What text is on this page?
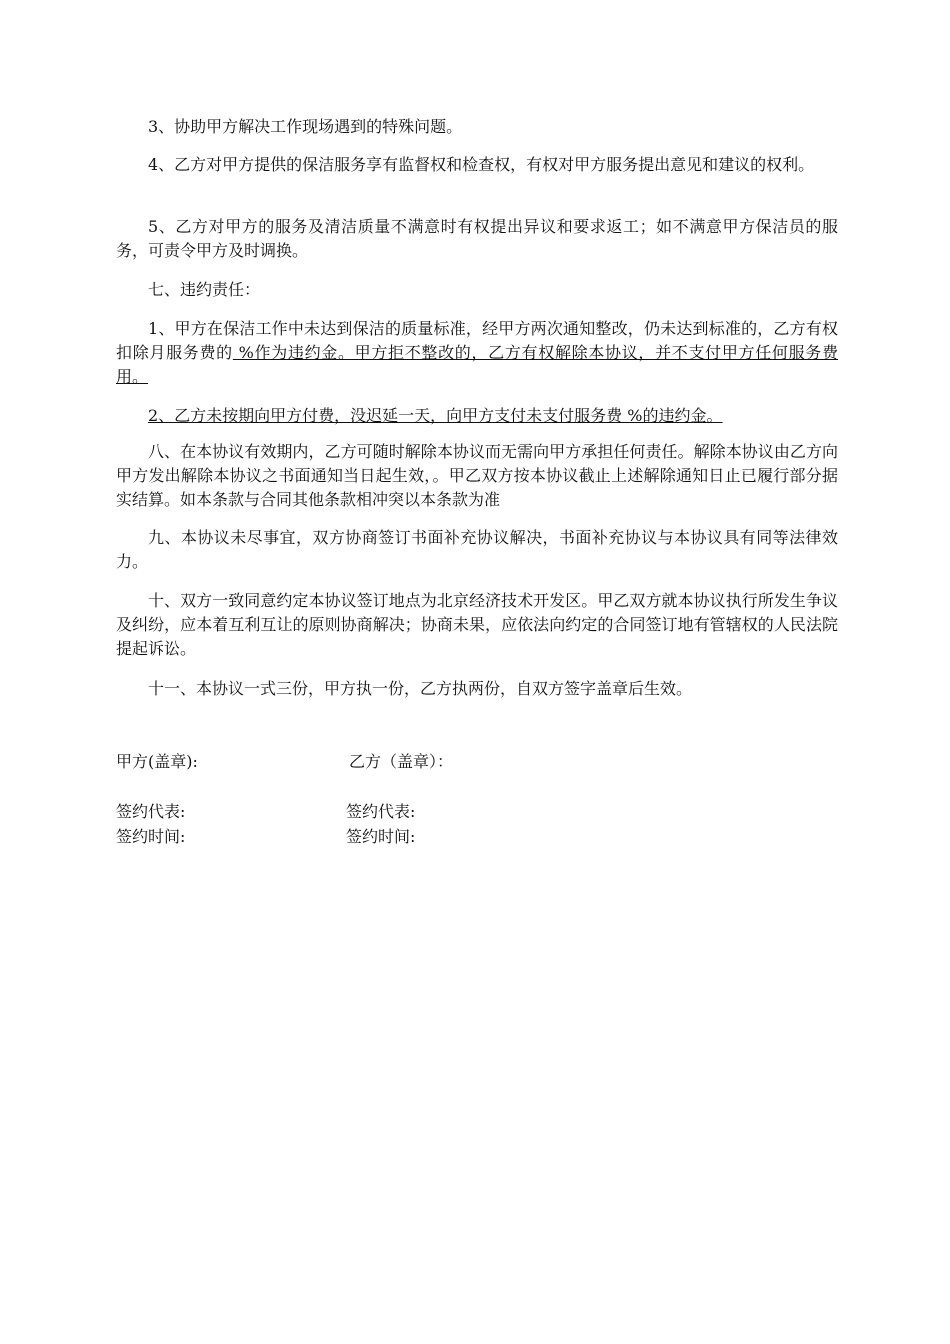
3、协助甲方解决工作现场遇到的特殊问题。

4、乙方对甲方提供的保洁服务享有监督权和检查权，有权对甲方服务提出意见和建议的权利。

5、乙方对甲方的服务及清洁质量不满意时有权提出异议和要求返工；如不满意甲方保洁员的服务，可责令甲方及时调换。

七、违约责任：

1、甲方在保洁工作中未达到保洁的质量标准，经甲方两次通知整改，仍未达到标准的，乙方有权扣除月服务费的 %作为违约金。甲方拒不整改的，乙方有权解除本协议，并不支付甲方任何服务费用。

2、乙方未按期向甲方付费，没迟延一天，向甲方支付未支付服务费 %的违约金。

八、在本协议有效期内，乙方可随时解除本协议而无需向甲方承担任何责任。解除本协议由乙方向甲方发出解除本协议之书面通知当日起生效，。甲乙双方按本协议截止上述解除通知日止已履行部分据实结算。如本条款与合同其他条款相冲突以本条款为准

九、本协议未尽事宜，双方协商签订书面补充协议解决，书面补充协议与本协议具有同等法律效力。

十、双方一致同意约定本协议签订地点为北京经济技术开发区。甲乙双方就本协议执行所发生争议及纠纷，应本着互利互让的原则协商解决；协商未果，应依法向约定的合同签订地有管辖权的人民法院提起诉讼。

十一、本协议一式三份，甲方执一份，乙方执两份，自双方签字盖章后生效。

甲方(盖章):	乙方（盖章）：
签约代表:	签约代表:
签约时间:	签约时间:
